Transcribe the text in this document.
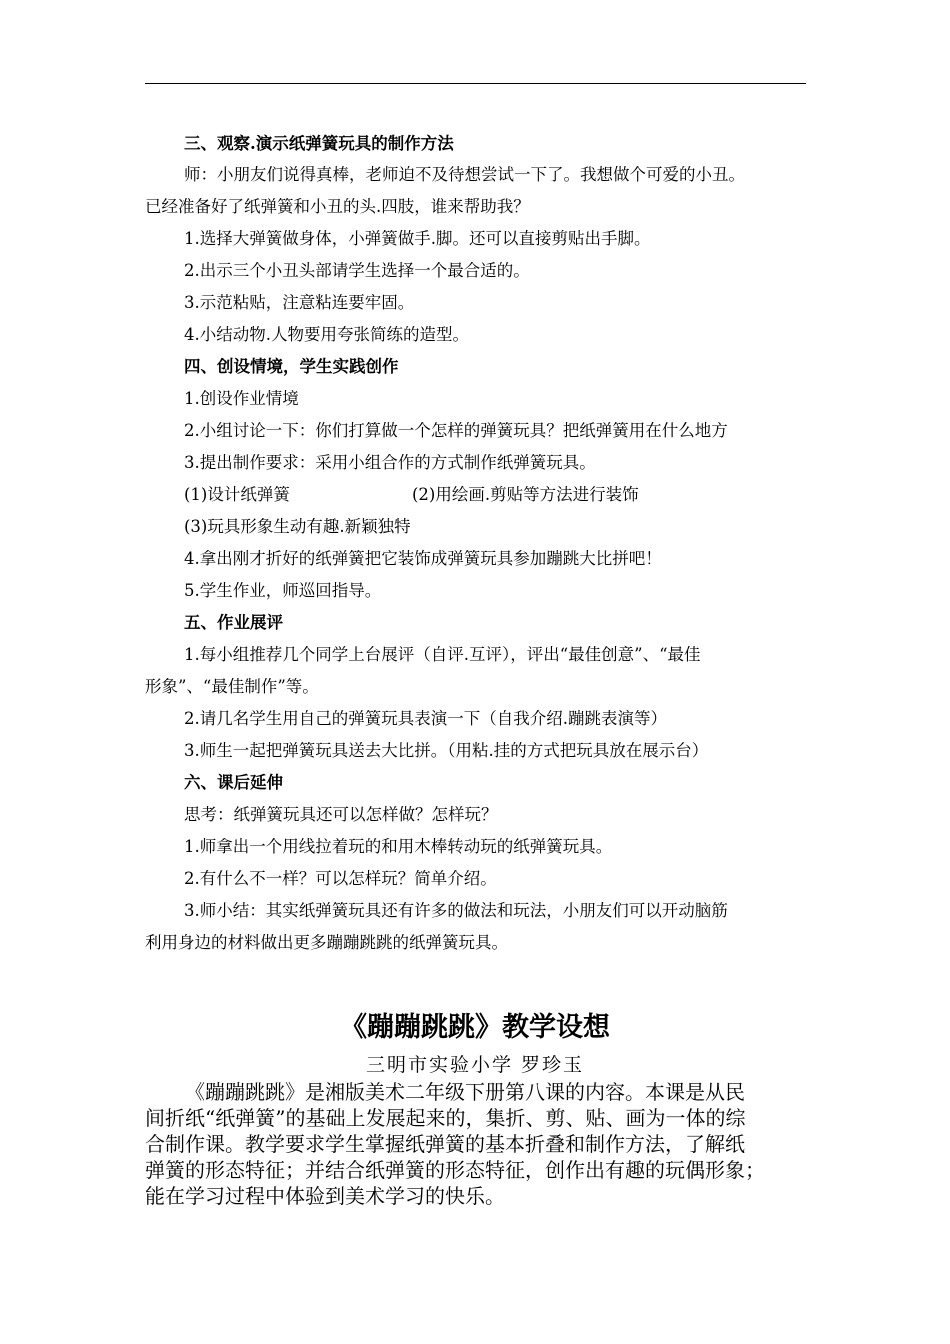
三、观察.演示纸弹簧玩具的制作方法
师：小朋友们说得真棒，老师迫不及待想尝试一下了。我想做个可爱的小丑。
已经准备好了纸弹簧和小丑的头.四肢，谁来帮助我？
1.选择大弹簧做身体，小弹簧做手.脚。还可以直接剪贴出手脚。
2.出示三个小丑头部请学生选择一个最合适的。
3.示范粘贴，注意粘连要牢固。
4.小结动物.人物要用夸张简练的造型。
四、创设情境，学生实践创作
1.创设作业情境
2.小组讨论一下：你们打算做一个怎样的弹簧玩具？把纸弹簧用在什么地方
3.提出制作要求：采用小组合作的方式制作纸弹簧玩具。
(1)设计纸弹簧	(2)用绘画.剪贴等方法进行装饰
(3)玩具形象生动有趣.新颖独特
4.拿出刚才折好的纸弹簧把它装饰成弹簧玩具参加蹦跳大比拼吧！
5.学生作业，师巡回指导。
五、作业展评
1.每小组推荐几个同学上台展评（自评.互评），评出“最佳创意”、“最佳
形象”、“最佳制作”等。
2.请几名学生用自己的弹簧玩具表演一下（自我介绍.蹦跳表演等）
3.师生一起把弹簧玩具送去大比拼。（用粘.挂的方式把玩具放在展示台）
六、课后延伸
思考：纸弹簧玩具还可以怎样做？怎样玩？
1.师拿出一个用线拉着玩的和用木棒转动玩的纸弹簧玩具。
2.有什么不一样？可以怎样玩？简单介绍。
3.师小结：其实纸弹簧玩具还有许多的做法和玩法，小朋友们可以开动脑筋
利用身边的材料做出更多蹦蹦跳跳的纸弹簧玩具。
《蹦蹦跳跳》教学设想
三明市实验小学 罗珍玉
《蹦蹦跳跳》是湘版美术二年级下册第八课的内容。本课是从民
间折纸“纸弹簧”的基础上发展起来的，集折、剪、贴、画为一体的综
合制作课。教学要求学生掌握纸弹簧的基本折叠和制作方法，了解纸
弹簧的形态特征；并结合纸弹簧的形态特征，创作出有趣的玩偶形象；
能在学习过程中体验到美术学习的快乐。
